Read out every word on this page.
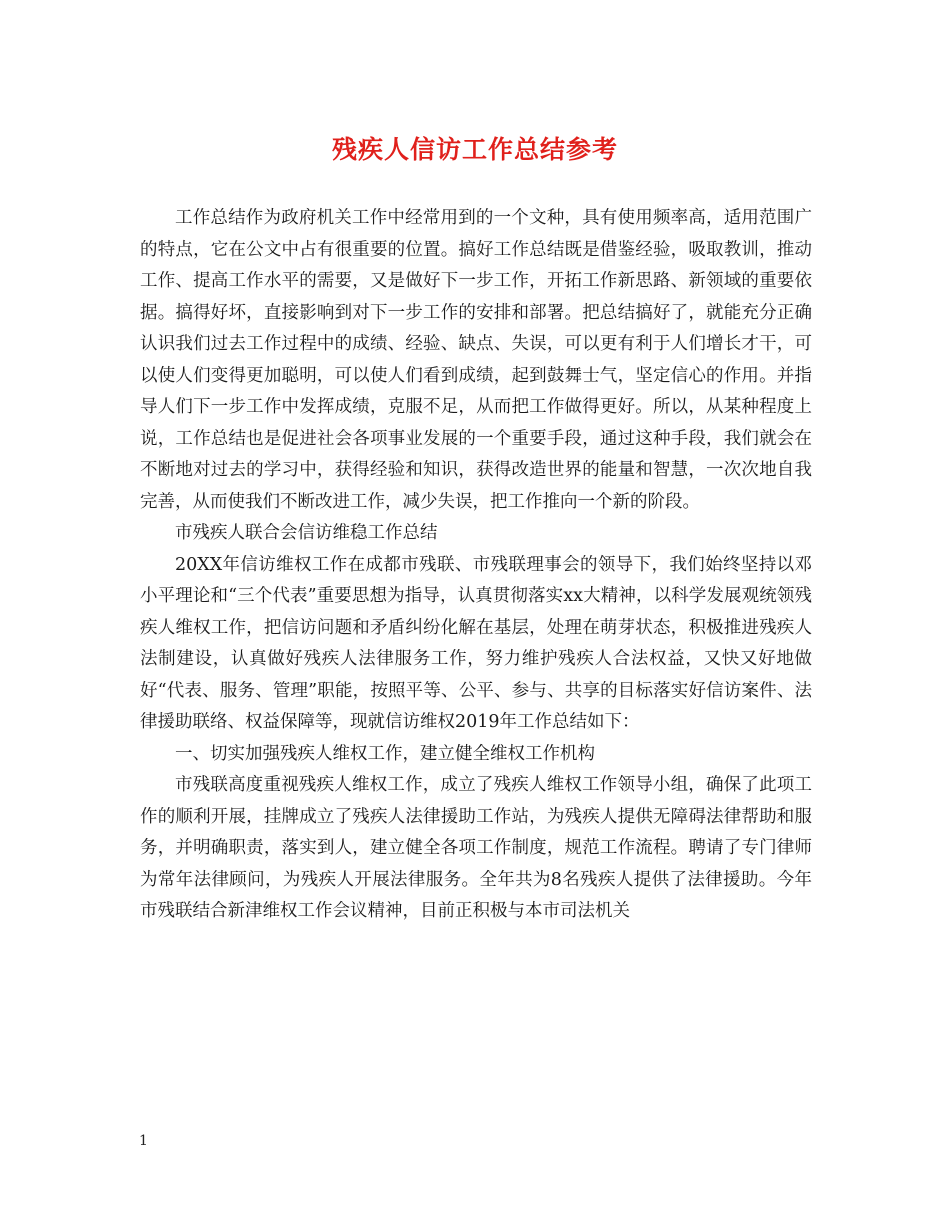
残疾人信访工作总结参考

工作总结作为政府机关工作中经常用到的一个文种，具有使用频率高，适用范围广的特点，它在公文中占有很重要的位置。搞好工作总结既是借鉴经验，吸取教训，推动工作、提高工作水平的需要，又是做好下一步工作，开拓工作新思路、新领域的重要依据。搞得好坏，直接影响到对下一步工作的安排和部署。把总结搞好了，就能充分正确认识我们过去工作过程中的成绩、经验、缺点、失误，可以更有利于人们增长才干，可以使人们变得更加聪明，可以使人们看到成绩，起到鼓舞士气，坚定信心的作用。并指导人们下一步工作中发挥成绩，克服不足，从而把工作做得更好。所以，从某种程度上说，工作总结也是促进社会各项事业发展的一个重要手段，通过这种手段，我们就会在不断地对过去的学习中，获得经验和知识，获得改造世界的能量和智慧，一次次地自我完善，从而使我们不断改进工作，减少失误，把工作推向一个新的阶段。

市残疾人联合会信访维稳工作总结

20XX年信访维权工作在成都市残联、市残联理事会的领导下，我们始终坚持以邓小平理论和“三个代表”重要思想为指导，认真贯彻落实xx大精神，以科学发展观统领残疾人维权工作，把信访问题和矛盾纠纷化解在基层，处理在萌芽状态，积极推进残疾人法制建设，认真做好残疾人法律服务工作，努力维护残疾人合法权益，又快又好地做好“代表、服务、管理”职能，按照平等、公平、参与、共享的目标落实好信访案件、法律援助联络、权益保障等，现就信访维权2019年工作总结如下：

一、切实加强残疾人维权工作，建立健全维权工作机构

市残联高度重视残疾人维权工作，成立了残疾人维权工作领导小组，确保了此项工作的顺利开展，挂牌成立了残疾人法律援助工作站，为残疾人提供无障碍法律帮助和服务，并明确职责，落实到人，建立健全各项工作制度，规范工作流程。聘请了专门律师为常年法律顾问，为残疾人开展法律服务。全年共为8名残疾人提供了法律援助。今年市残联结合新津维权工作会议精神，目前正积极与本市司法机关

1
